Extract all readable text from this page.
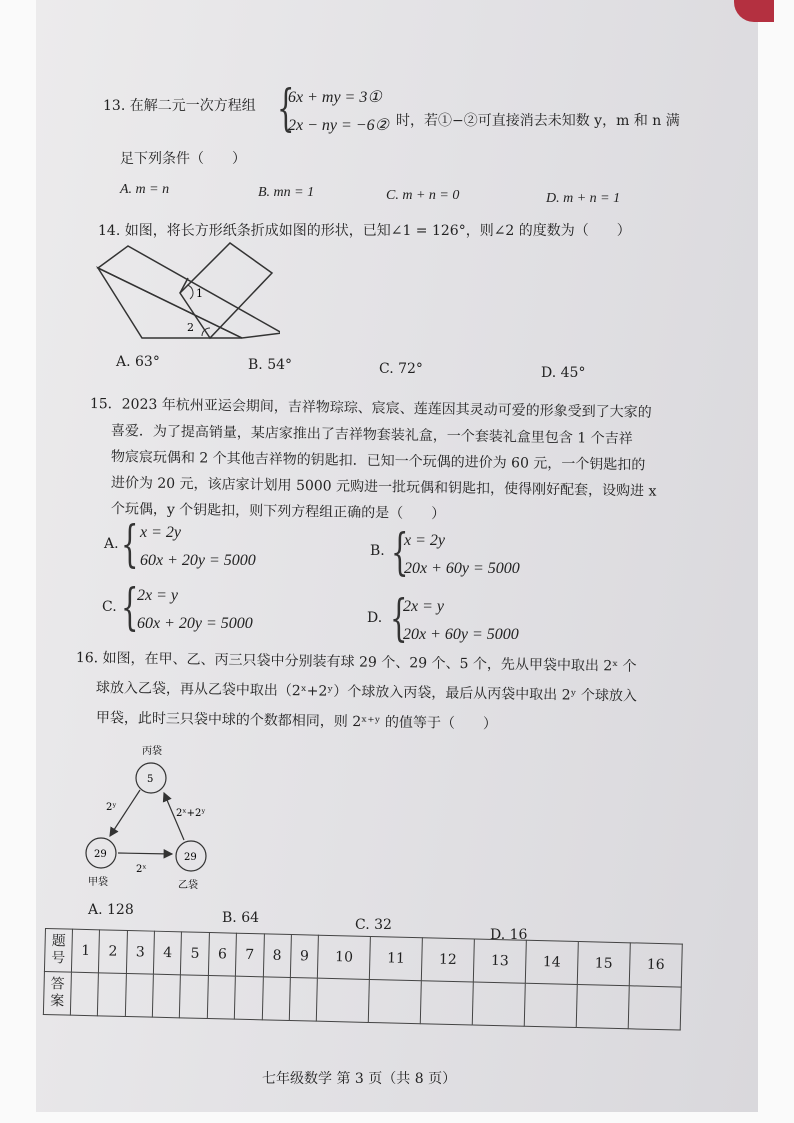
13. 在解二元一次方程组 {
6x + my = 3①
2x − ny = −6② 时，若①−②可直接消去未知数 y，m 和 n 满
足下列条件（　　）
A. m = n	B. mn = 1	C. m + n = 0	D. m + n = 1
14. 如图，将长方形纸条折成如图的形状，已知∠1 = 126°，则∠2 的度数为（　　）
1
2
A. 63°	B. 54°	C. 72°	D. 45°
15．2023 年杭州亚运会期间，吉祥物琮琮、宸宸、莲莲因其灵动可爱的形象受到了大家的
喜爱．为了提高销量，某店家推出了吉祥物套装礼盒，一个套装礼盒里包含 1 个吉祥
物宸宸玩偶和 2 个其他吉祥物的钥匙扣．已知一个玩偶的进价为 60 元，一个钥匙扣的
进价为 20 元，该店家计划用 5000 元购进一批玩偶和钥匙扣，使得刚好配套，设购进 x
个玩偶，y 个钥匙扣，则下列方程组正确的是（　　）
A. { x = 2y
60x + 20y = 5000
B. {
x = 2y
20x + 60y = 5000
C. {
2x = y
60x + 20y = 5000	D. {
2x = y
20x + 60y = 5000
16. 如图，在甲、乙、丙三只袋中分别装有球 29 个、29 个、5 个，先从甲袋中取出 2ˣ 个
球放入乙袋，再从乙袋中取出（2ˣ+2ʸ）个球放入丙袋，最后从丙袋中取出 2ʸ 个球放入
甲袋，此时三只袋中球的个数都相同，则 2ˣ⁺ʸ 的值等于（　　）
丙袋
5
29
甲袋
29
乙袋
2ʸ
2ˣ+2ʸ
2ˣ
A. 128	B. 64	C. 32
D. 16
题号	1	2	3	4	5	6	7	8	9	10	11	12	13	14	15	16
答案																
七年级数学 第 3 页（共 8 页）
